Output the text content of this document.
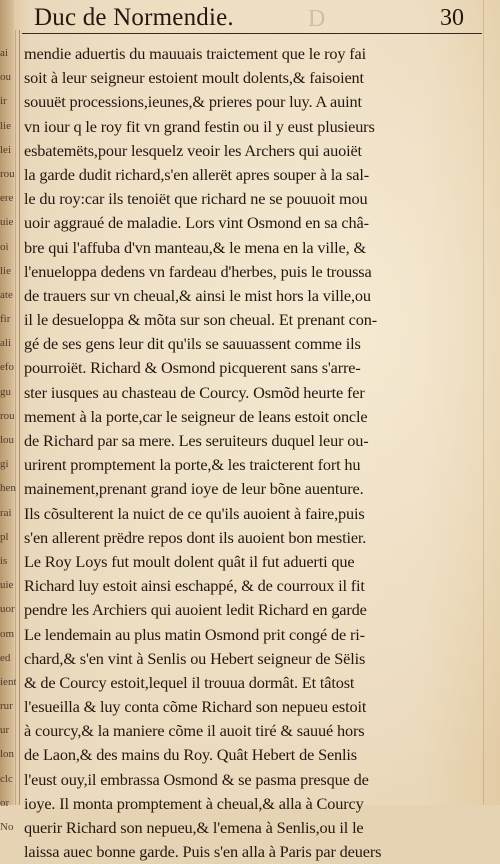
ai
ou
ir
lie
lei
rou
ere
uie
oi
lie
ate
fir
ali
efo
gu
rou
lou
gi
hen
rai
pl
is
uie
uor
om
ed
ient
rur
ur
lon
clc
or
No
Duc de Normendie.	D	30
mendie aduertis du mauuais traictement que le roy fai
soit à leur seigneur estoient moult dolents,& faisoient
souuët processions,ieunes,& prieres pour luy. A auint
vn iour q le roy fit vn grand festin ou il y eust plusieurs
esbatemëts,pour lesquelz veoir les Archers qui auoiët
la garde dudit richard,s'en allerët apres souper à la sal-
le du roy:car ils tenoiët que richard ne se pouuoit mou
uoir aggraué de maladie. Lors vint Osmond en sa châ-
bre qui l'affuba d'vn manteau,& le mena en la ville, &
l'enueloppa dedens vn fardeau d'herbes, puis le troussa
de trauers sur vn cheual,& ainsi le mist hors la ville,ou
il le desueloppa & mõta sur son cheual. Et prenant con-
gé de ses gens leur dit qu'ils se sauuassent comme ils
pourroiët. Richard & Osmond picquerent sans s'arre-
ster iusques au chasteau de Courcy. Osmõd heurte fer
mement à la porte,car le seigneur de leans estoit oncle
de Richard par sa mere. Les seruiteurs duquel leur ou-
urirent promptement la porte,& les traicterent fort hu
mainement,prenant grand ioye de leur bõne auenture.
Ils cõsulterent la nuict de ce qu'ils auoient à faire,puis
s'en allerent prëdre repos dont ils auoient bon mestier.
Le Roy Loys fut moult dolent quât il fut aduerti que
Richard luy estoit ainsi eschappé, & de courroux il fit
pendre les Archiers qui auoient ledit Richard en garde
Le lendemain au plus matin Osmond prit congé de ri-
chard,& s'en vint à Senlis ou Hebert seigneur de Sëlis
& de Courcy estoit,lequel il trouua dormât. Et tâtost
l'esueilla & luy conta cõme Richard son nepueu estoit
à courcy,& la maniere cõme il auoit tiré & sauué hors
de Laon,& des mains du Roy. Quât Hebert de Senlis
l'eust ouy,il embrassa Osmond & se pasma presque de
ioye. Il monta promptement à cheual,& alla à Courcy
querir Richard son nepueu,& l'emena à Senlis,ou il le
laissa auec bonne garde. Puis s'en alla à Paris par deuers
